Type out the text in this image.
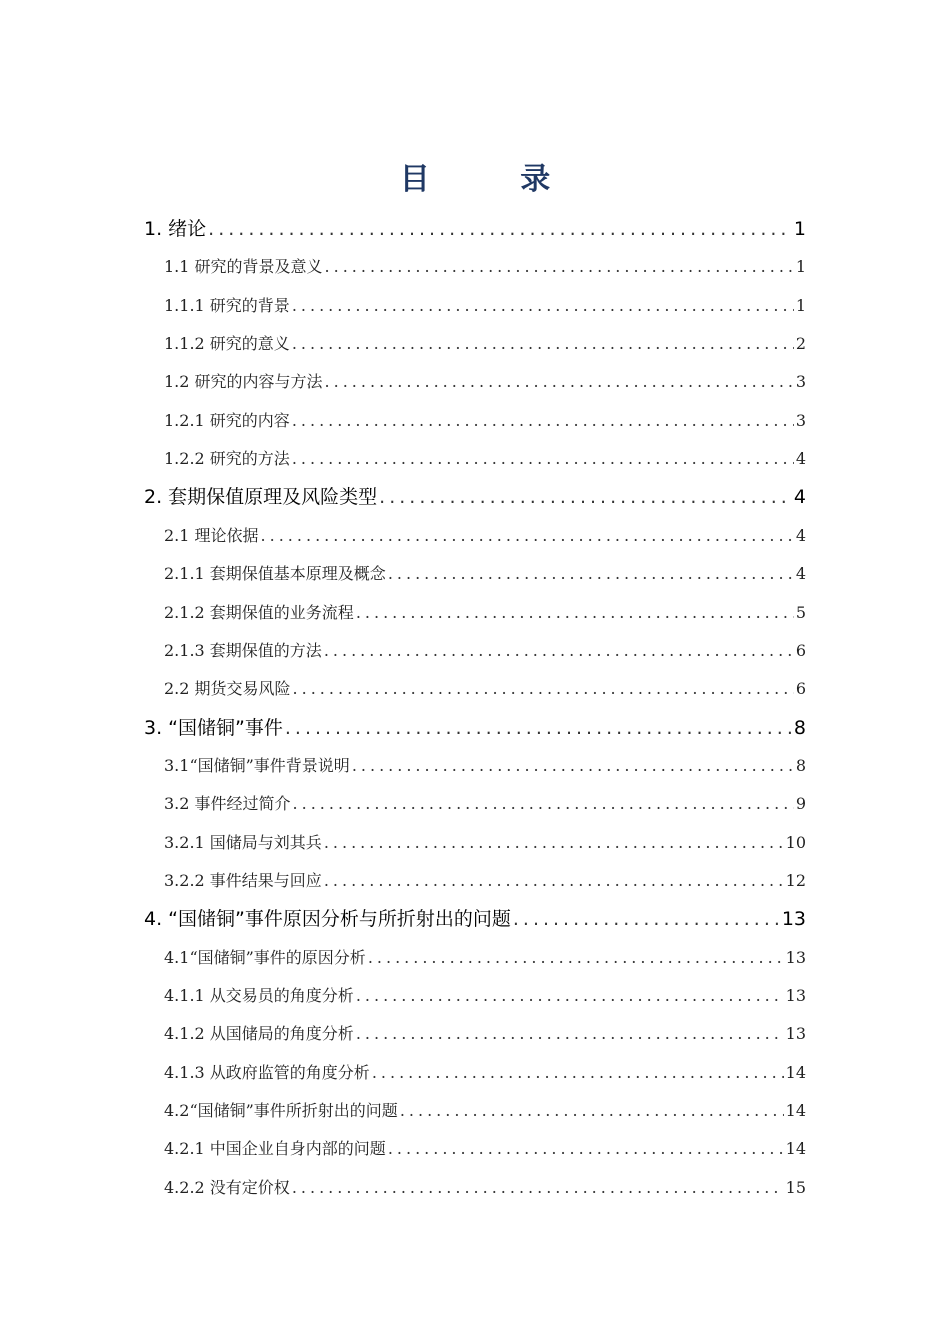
目 录
1. 绪论 .....	1
1.1 研究的背景及意义 .....	1
1.1.1 研究的背景 .....	1
1.1.2 研究的意义 .....	2
1.2 研究的内容与方法 .....	3
1.2.1 研究的内容 .....	3
1.2.2 研究的方法 .....	4
2. 套期保值原理及风险类型 .....	4
2.1 理论依据 .....	4
2.1.1 套期保值基本原理及概念 .....	4
2.1.2 套期保值的业务流程 .....	5
2.1.3 套期保值的方法 .....	6
2.2 期货交易风险 .....	6
3. “国储铜”事件 .....	8
3.1“国储铜”事件背景说明 .....	8
3.2 事件经过简介 .....	9
3.2.1 国储局与刘其兵 .....	10
3.2.2 事件结果与回应 .....	12
4. “国储铜”事件原因分析与所折射出的问题 .....	13
4.1“国储铜”事件的原因分析 .....	13
4.1.1 从交易员的角度分析 .....	13
4.1.2 从国储局的角度分析 .....	13
4.1.3 从政府监管的角度分析 .....	14
4.2“国储铜”事件所折射出的问题 .....	14
4.2.1 中国企业自身内部的问题 .....	14
4.2.2 没有定价权 .....	15
